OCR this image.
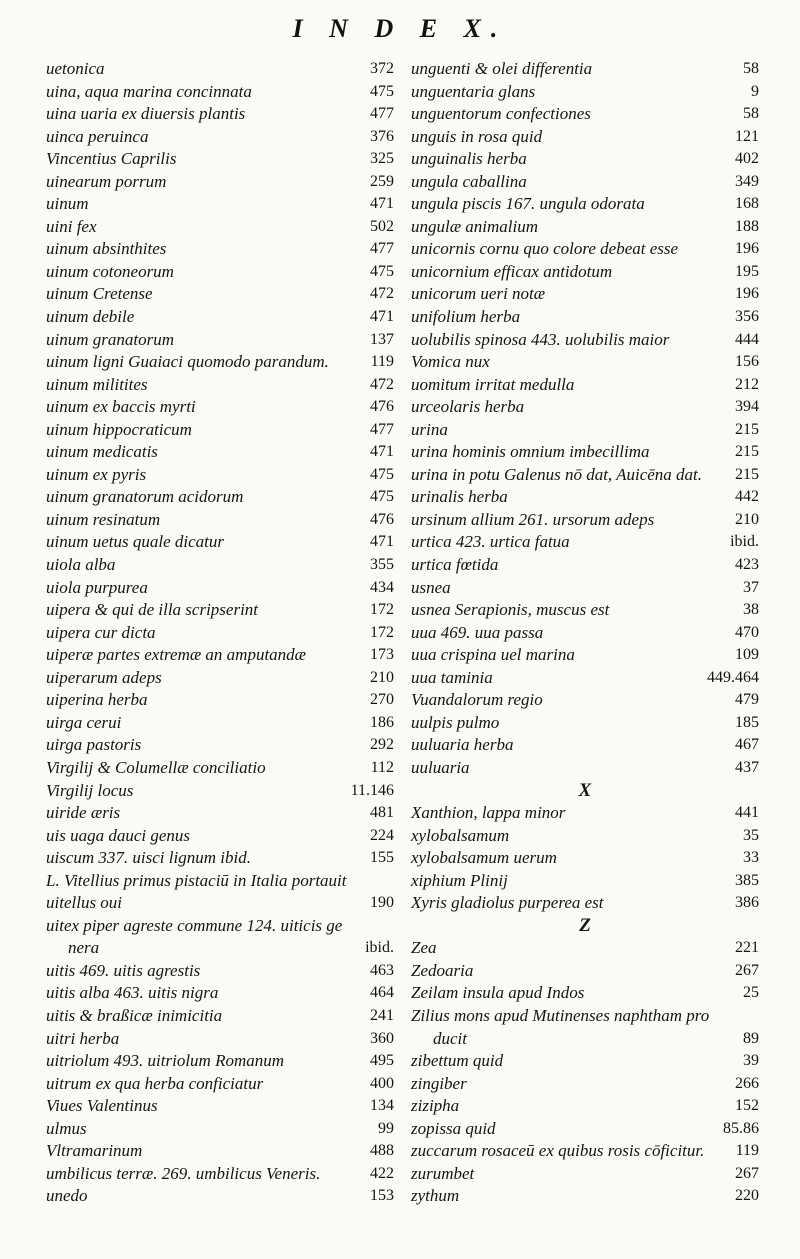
I N D E X.
uetonica	372
uina, aqua marina concinnata	475
uina uaria ex diuersis plantis	477
uinca peruinca	376
Vincentius Caprilis	325
uinearum porrum	259
uinum	471
uini fex	502
uinum absinthites	477
uinum cotoneorum	475
uinum Cretense	472
uinum debile	471
uinum granatorum	137
uinum ligni Guaiaci quomodo parandum.	119
uinum militites	472
uinum ex baccis myrti	476
uinum hippocraticum	477
uinum medicatis	471
uinum ex pyris	475
uinum granatorum acidorum	475
uinum resinatum	476
uinum uetus quale dicatur	471
uiola alba	355
uiola purpurea	434
uipera & qui de illa scripserint	172
uipera cur dicta	172
uiperæ partes extremæ an amputandæ	173
uiperarum adeps	210
uiperina herba	270
uirga cerui	186
uirga pastoris	292
Virgilij & Columellæ conciliatio	112
Virgilij locus	11.146
uiride æris	481
uis uaga dauci genus	224
uiscum 337. uisci lignum ibid.	155
L. Vitellius primus pistaciū in Italia portauit
uitellus oui	190
uitex piper agreste commune 124. uiticis ge
nera	ibid.
uitis 469. uitis agrestis	463
uitis alba 463. uitis nigra	464
uitis & braßicæ inimicitia	241
uitri herba	360
uitriolum 493. uitriolum Romanum	495
uitrum ex qua herba conficiatur	400
Viues Valentinus	134
ulmus	99
Vltramarinum	488
umbilicus terræ. 269. umbilicus Veneris.	422
unedo	153
unguenti & olei differentia	58
unguentaria glans	9
unguentorum confectiones	58
unguis in rosa quid	121
unguinalis herba	402
ungula caballina	349
ungula piscis 167. ungula odorata	168
ungulæ animalium	188
unicornis cornu quo colore debeat esse	196
unicornium efficax antidotum	195
unicorum ueri notæ	196
unifolium herba	356
uolubilis spinosa 443. uolubilis maior	444
Vomica nux	156
uomitum irritat medulla	212
urceolaris herba	394
urina	215
urina hominis omnium imbecillima	215
urina in potu Galenus nō dat, Auicēna dat. 215
urinalis herba	442
ursinum allium 261. ursorum adeps	210
urtica 423. urtica fatua	ibid.
urtica fœtida	423
usnea	37
usnea Serapionis, muscus est	38
uua 469. uua passa	470
uua crispina uel marina	109
uua taminia	449.464
Vuandalorum regio	479
uulpis pulmo	185
uuluaria herba	467
uuluaria	437
X
Xanthion, lappa minor	441
xylobalsamum	35
xylobalsamum uerum	33
xiphium Plinij	385
Xyris gladiolus purperea est	386
Z
Zea	221
Zedoaria	267
Zeilam insula apud Indos	25
Zilius mons apud Mutinenses naphtham pro
ducit	89
zibettum quid	39
zingiber	266
zizipha	152
zopissa quid	85.86
zuccarum rosaceū ex quibus rosis cōficitur. 119
zurumbet	267
zythum	220
